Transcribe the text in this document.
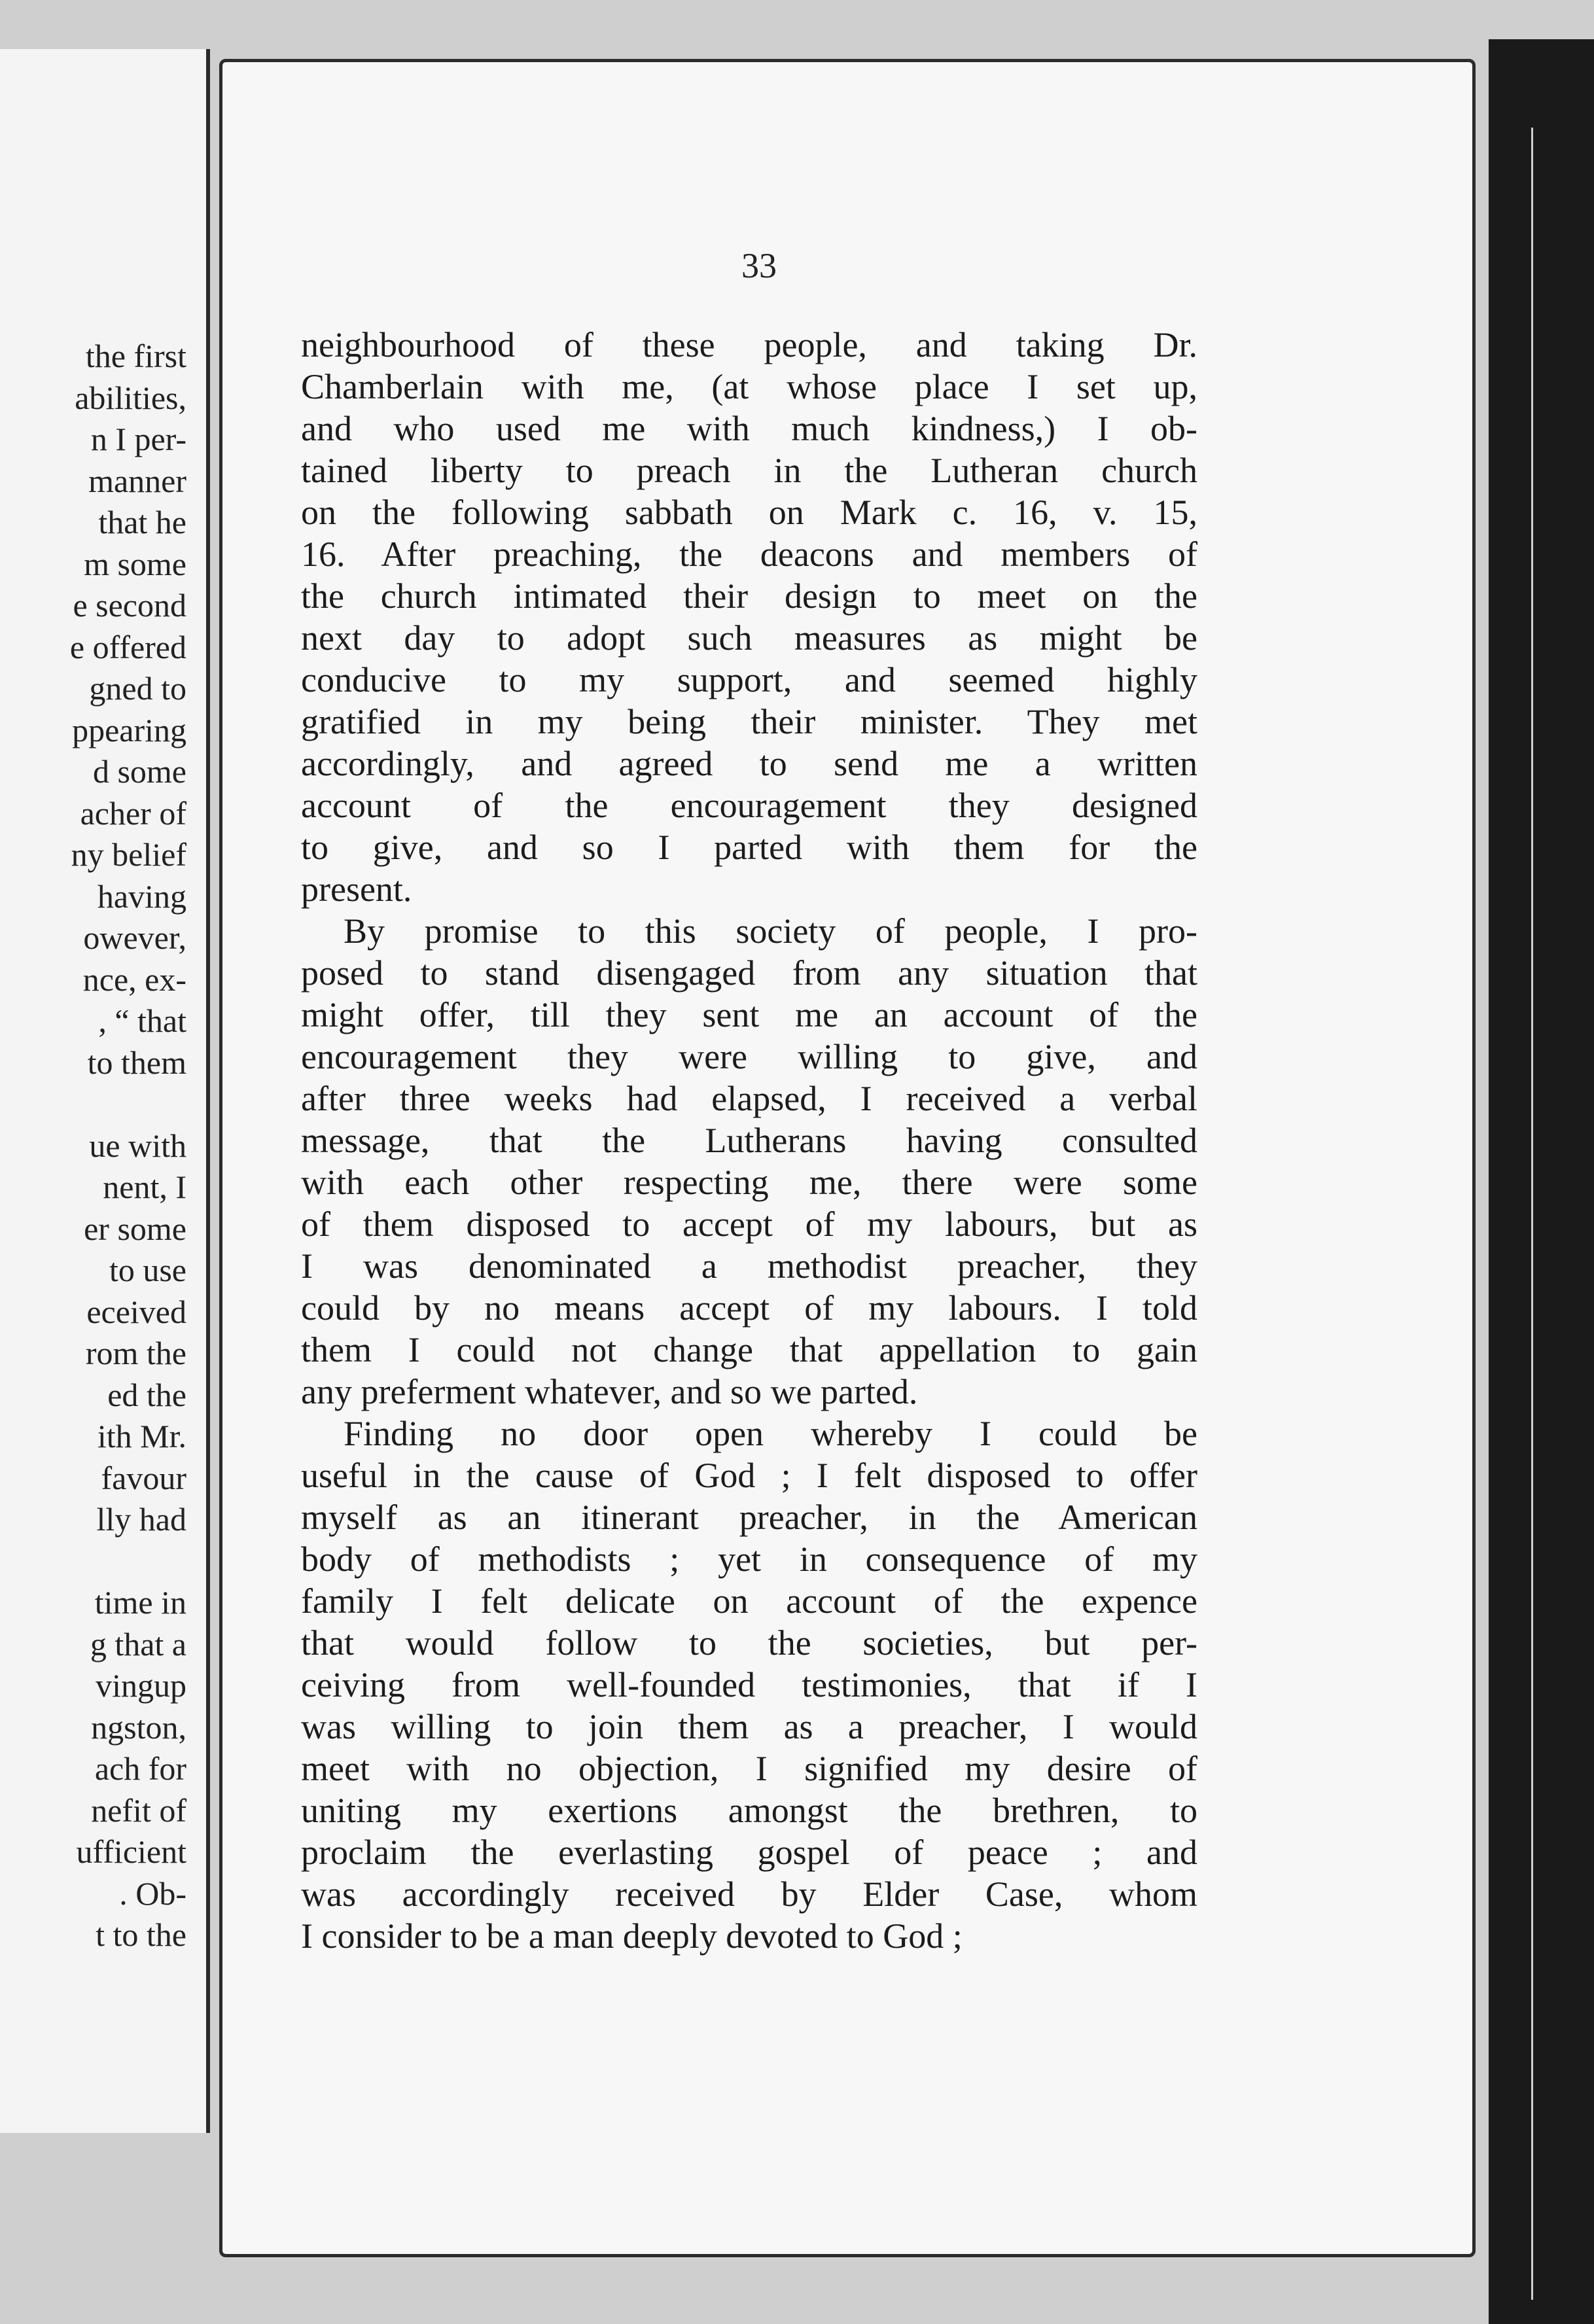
the first
abilities,
n I per-
manner
that he
m some
e second
e offered
gned to
ppearing
d some
acher of
ny belief
having
owever,
nce, ex-
, “ that
to them
ue with
nent, I
er some
to use
eceived
rom the
ed the
ith Mr.
favour
lly had
time in
g that a
vingup
ngston,
ach for
nefit of
ufficient
. Ob-
t to the
33
neighbourhood of these people, and taking Dr.
Chamberlain with me, (at whose place I set up,
and who used me with much kindness,) I ob-
tained liberty to preach in the Lutheran church
on the following sabbath on Mark c. 16, v. 15,
16. After preaching, the deacons and members of
the church intimated their design to meet on the
next day to adopt such measures as might be
conducive to my support, and seemed highly
gratified in my being their minister. They met
accordingly, and agreed to send me a written
account of the encouragement they designed
to give, and so I parted with them for the
present.
By promise to this society of people, I pro-
posed to stand disengaged from any situation that
might offer, till they sent me an account of the
encouragement they were willing to give, and
after three weeks had elapsed, I received a verbal
message, that the Lutherans having consulted
with each other respecting me, there were some
of them disposed to accept of my labours, but as
I was denominated a methodist preacher, they
could by no means accept of my labours. I told
them I could not change that appellation to gain
any preferment whatever, and so we parted.
Finding no door open whereby I could be
useful in the cause of God ; I felt disposed to offer
myself as an itinerant preacher, in the American
body of methodists ; yet in consequence of my
family I felt delicate on account of the expence
that would follow to the societies, but per-
ceiving from well-founded testimonies, that if I
was willing to join them as a preacher, I would
meet with no objection, I signified my desire of
uniting my exertions amongst the brethren, to
proclaim the everlasting gospel of peace ; and
was accordingly received by Elder Case, whom
I consider to be a man deeply devoted to God ;
